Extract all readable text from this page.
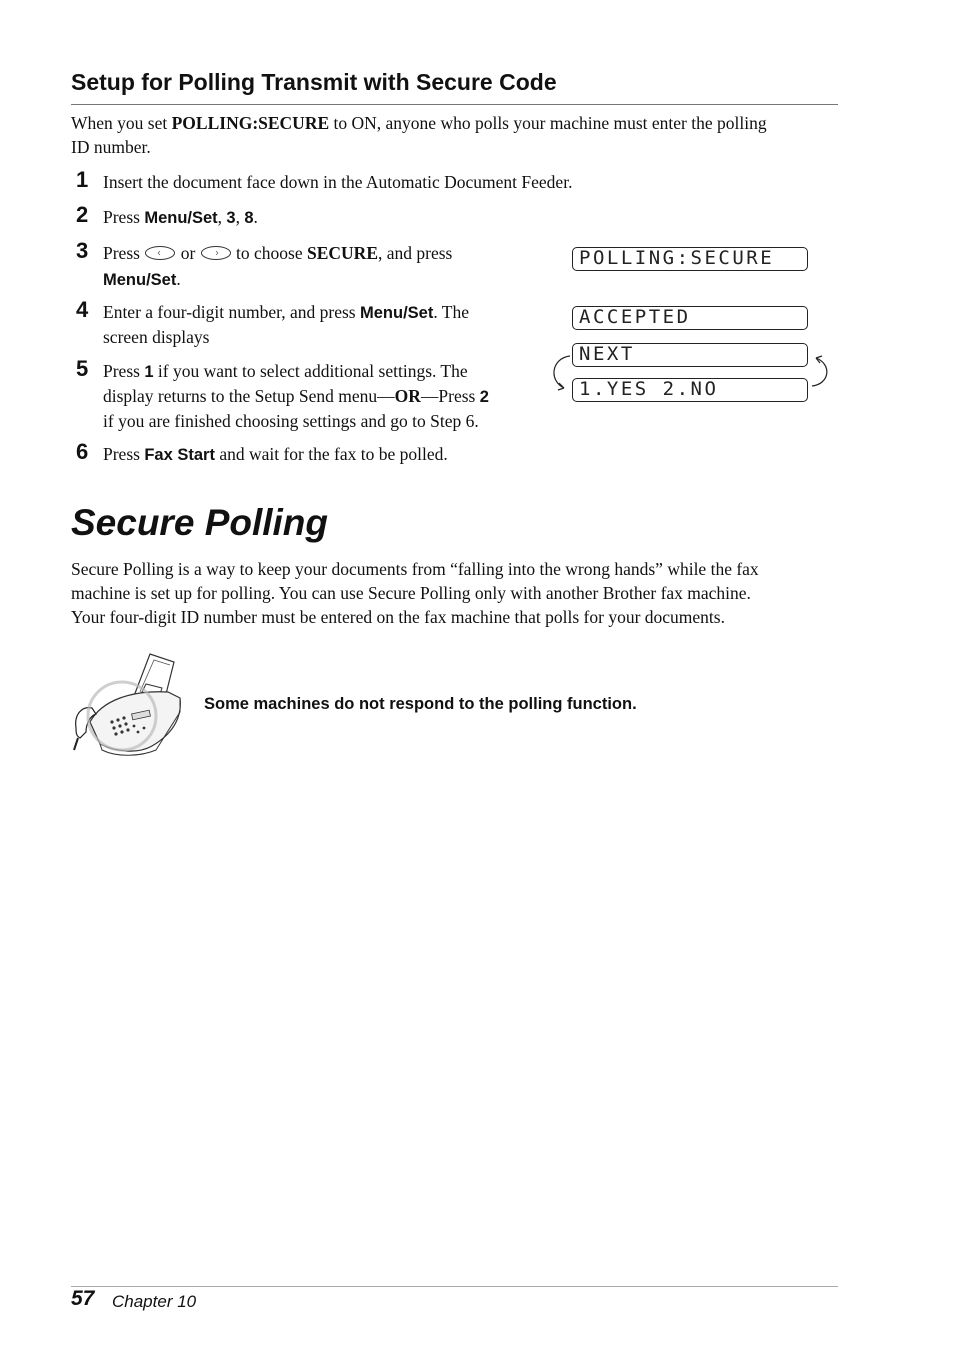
Setup for Polling Transmit with Secure Code
When you set POLLING:SECURE to ON, anyone who polls your machine must enter the polling
ID number.
1 Insert the document face down in the Automatic Document Feeder.
2 Press Menu/Set, 3, 8.
3 Press  or  to choose SECURE, and press
Menu/Set.
4 Enter a four-digit number, and press Menu/Set. The
screen displays
5 Press 1 if you want to select additional settings. The
display returns to the Setup Send menu—OR—Press 2
if you are finished choosing settings and go to Step 6.
6 Press Fax Start and wait for the fax to be polled.
POLLING:SECURE
ACCEPTED
NEXT
1.YES 2.NO
Secure Polling
Secure Polling is a way to keep your documents from “falling into the wrong hands” while the fax
machine is set up for polling. You can use Secure Polling only with another Brother fax machine.
Your four-digit ID number must be entered on the fax machine that polls for your documents.
Some machines do not respond to the polling function.
57 Chapter 10
